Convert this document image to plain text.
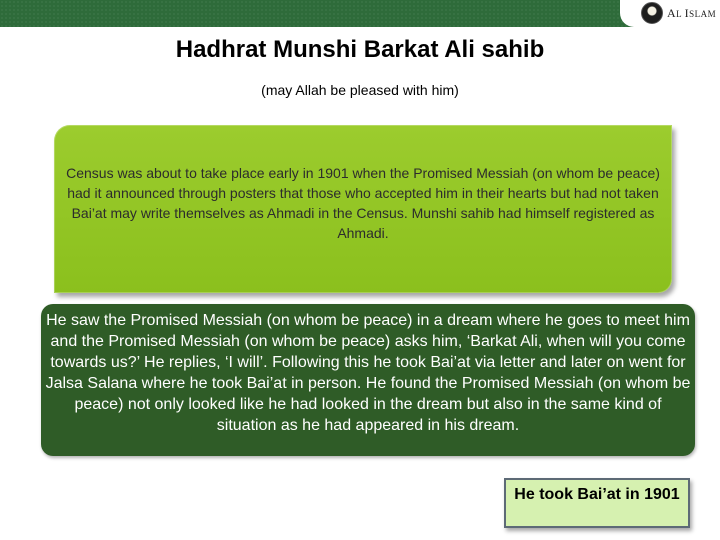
AL ISLAM
Hadhrat Munshi Barkat Ali sahib
(may Allah be pleased with him)

Census was about to take place early in 1901 when the Promised Messiah (on whom be peace) had it announced through posters that those who accepted him in their hearts but had not taken Bai’at may write themselves as Ahmadi in the Census. Munshi sahib had himself registered as Ahmadi.

He saw the Promised Messiah (on whom be peace) in a dream where he goes to meet him and the Promised Messiah (on whom be peace) asks him, ‘Barkat Ali, when will you come towards us?’ He replies, ‘I will’. Following this he took Bai’at via letter and later on went for Jalsa Salana where he took Bai’at in person. He found the Promised Messiah (on whom be peace) not only looked like he had looked in the dream but also in the same kind of situation as he had appeared in his dream.

He took Bai’at in 1901
